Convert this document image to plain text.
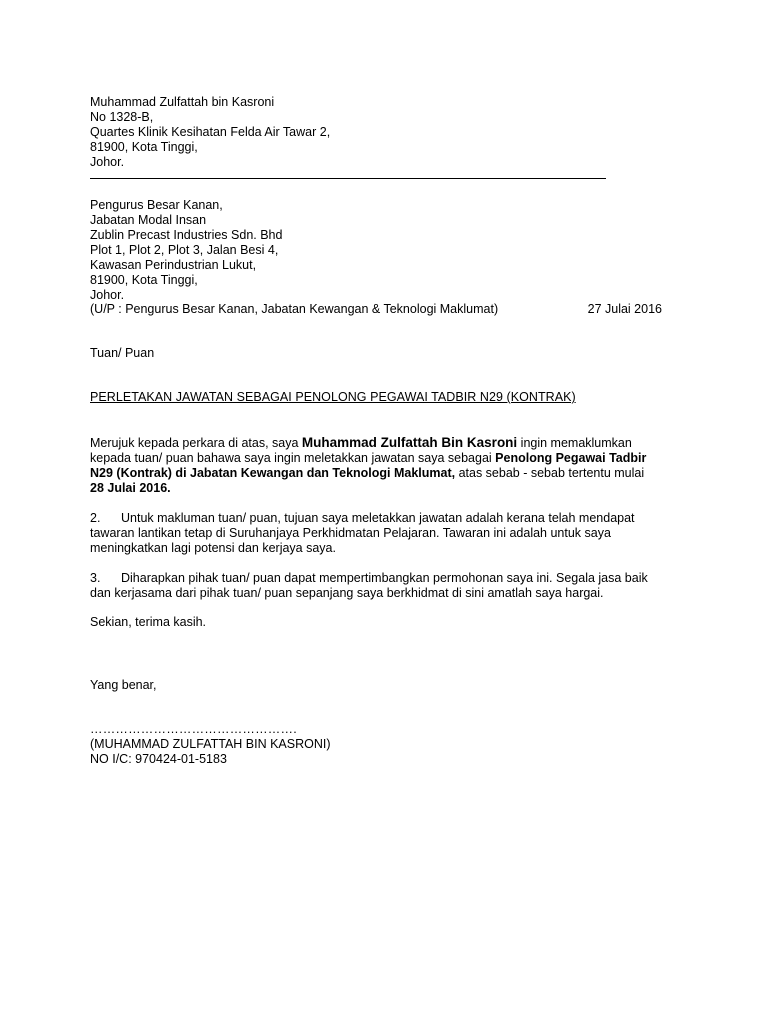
Muhammad Zulfattah bin Kasroni
No 1328-B,
Quartes Klinik Kesihatan Felda Air Tawar 2,
81900, Kota Tinggi,
Johor.
Pengurus Besar Kanan,
Jabatan Modal Insan
Zublin Precast Industries Sdn. Bhd
Plot 1, Plot 2, Plot 3, Jalan Besi 4,
Kawasan Perindustrian Lukut,
81900, Kota Tinggi,
Johor.
(U/P : Pengurus Besar Kanan, Jabatan Kewangan & Teknologi Maklumat)	27 Julai 2016
Tuan/ Puan
PERLETAKAN JAWATAN SEBAGAI PENOLONG PEGAWAI TADBIR N29 (KONTRAK)
Merujuk kepada perkara di atas, saya Muhammad Zulfattah Bin Kasroni ingin memaklumkan kepada tuan/ puan bahawa saya ingin meletakkan jawatan saya sebagai Penolong Pegawai Tadbir N29 (Kontrak) di Jabatan Kewangan dan Teknologi Maklumat, atas sebab - sebab tertentu mulai 28 Julai 2016.
2. Untuk makluman tuan/ puan, tujuan saya meletakkan jawatan adalah kerana telah mendapat tawaran lantikan tetap di Suruhanjaya Perkhidmatan Pelajaran. Tawaran ini adalah untuk saya meningkatkan lagi potensi dan kerjaya saya.
3. Diharapkan pihak tuan/ puan dapat mempertimbangkan permohonan saya ini. Segala jasa baik dan kerjasama dari pihak tuan/ puan sepanjang saya berkhidmat di sini amatlah saya hargai.
Sekian, terima kasih.
Yang benar,
………………………………………….
(MUHAMMAD ZULFATTAH BIN KASRONI)
NO I/C: 970424-01-5183
